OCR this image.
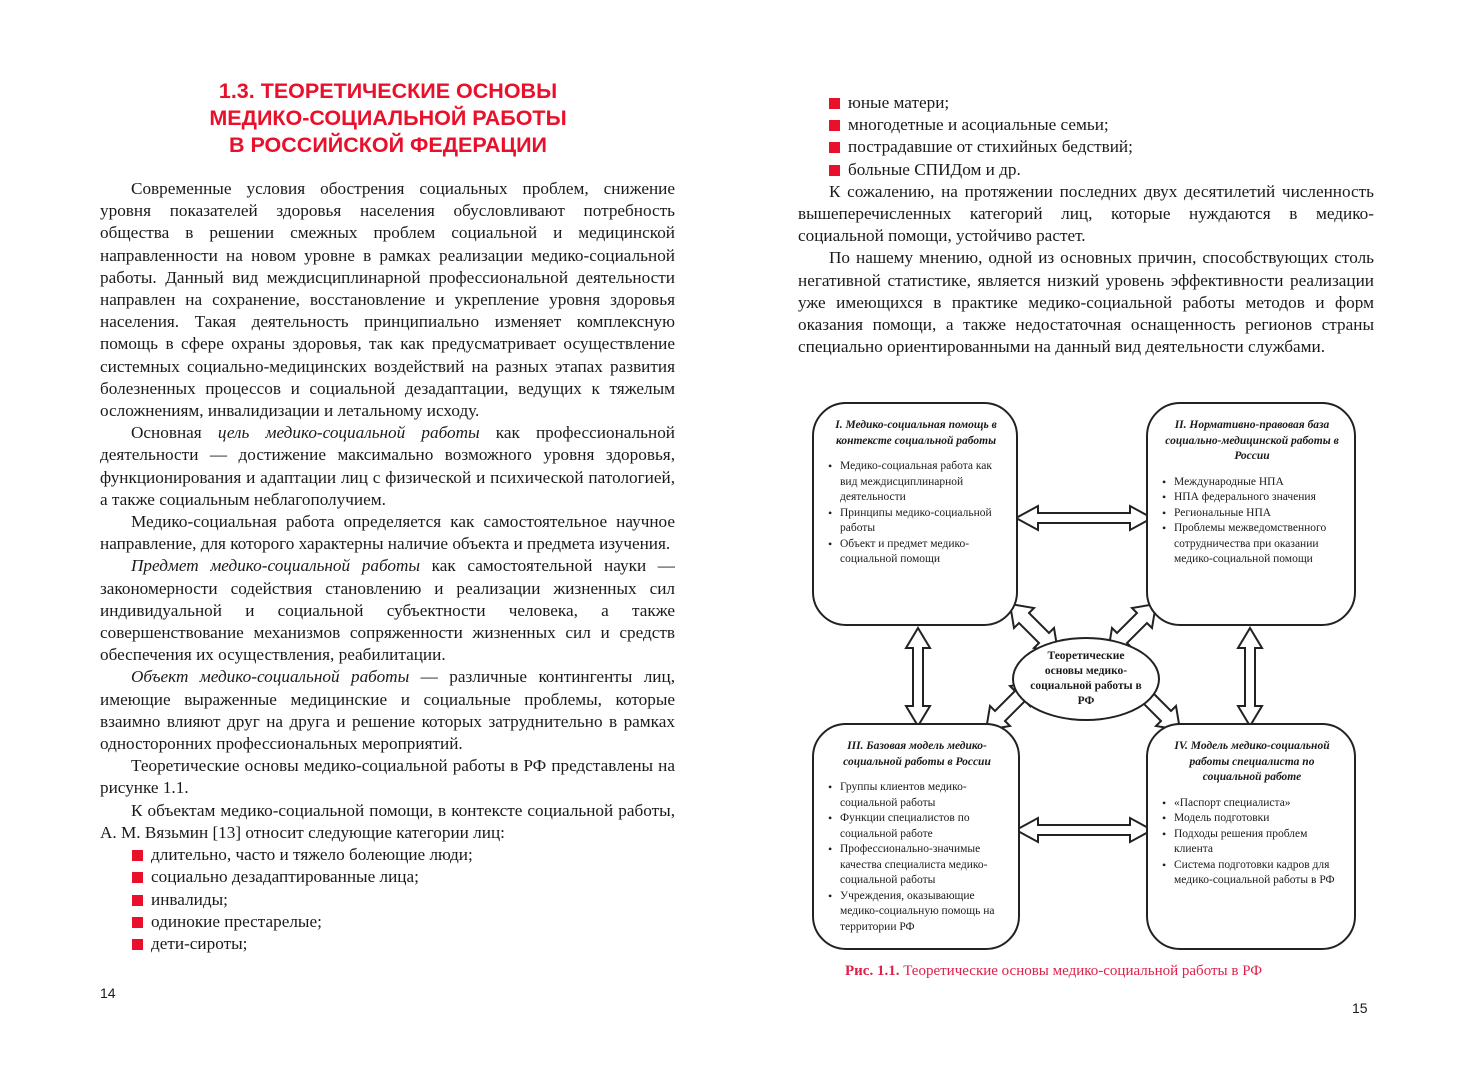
1.3. ТЕОРЕТИЧЕСКИЕ ОСНОВЫ
МЕДИКО-СОЦИАЛЬНОЙ РАБОТЫ
В РОССИЙСКОЙ ФЕДЕРАЦИИ

Современные условия обострения социальных проблем, снижение уровня показателей здоровья населения обусловливают потребность общества в решении смежных проблем социальной и медицинской направленности на новом уровне в рамках реализации медико-социальной работы. Данный вид междисциплинарной профессиональной деятельности направлен на сохранение, восстановление и укрепление уровня здоровья населения. Такая деятельность принципиально изменяет комплексную помощь в сфере охраны здоровья, так как предусматривает осуществление системных социально-медицинских воздействий на разных этапах развития болезненных процессов и социальной дезадаптации, ведущих к тяжелым осложнениям, инвалидизации и летальному исходу.

Основная цель медико-социальной работы как профессиональной деятельности — достижение максимально возможного уровня здоровья, функционирования и адаптации лиц с физической и психической патологией, а также социальным неблагополучием.

Медико-социальная работа определяется как самостоятельное научное направление, для которого характерны наличие объекта и предмета изучения.

Предмет медико-социальной работы как самостоятельной науки — закономерности содействия становлению и реализации жизненных сил индивидуальной и социальной субъектности человека, а также совершенствование механизмов сопряженности жизненных сил и средств обеспечения их осуществления, реабилитации.

Объект медико-социальной работы — различные контингенты лиц, имеющие выраженные медицинские и социальные проблемы, которые взаимно влияют друг на друга и решение которых затруднительно в рамках односторонних профессиональных мероприятий.

Теоретические основы медико-социальной работы в РФ представлены на рисунке 1.1.

К объектам медико-социальной помощи, в контексте социальной работы, А. М. Вязьмин [13] относит следующие категории лиц:

длительно, часто и тяжело болеющие люди;
социально дезадаптированные лица;
инвалиды;
одинокие престарелые;
дети-сироты;
14
юные матери;
многодетные и асоциальные семьи;
пострадавшие от стихийных бедствий;
больные СПИДом и др.

К сожалению, на протяжении последних двух десятилетий численность вышеперечисленных категорий лиц, которые нуждаются в медико-социальной помощи, устойчиво растет.

По нашему мнению, одной из основных причин, способствующих столь негативной статистике, является низкий уровень эффективности реализации уже имеющихся в практике медико-социальной работы методов и форм оказания помощи, а также недостаточная оснащенность регионов страны специально ориентированными на данный вид деятельности службами.

I. Медико-социальная помощь в контексте социальной работы
• Медико-социальная работа как вид междисциплинарной деятельности
• Принципы медико-социальной работы
• Объект и предмет медико-социальной помощи
II. Нормативно-правовая база социально-медицинской работы в России
• Международные НПА
• НПА федерального значения
• Региональные НПА
• Проблемы межведомственного сотрудничества при оказании медико-социальной помощи
III. Базовая модель медико-социальной работы в России
• Группы клиентов медико-социальной работы
• Функции специалистов по социальной работе
• Профессионально-значимые качества специалиста медико-социальной работы
• Учреждения, оказывающие медико-социальную помощь на территории РФ
IV. Модель медико-социальной работы специалиста по социальной работе
• «Паспорт специалиста»
• Модель подготовки
• Подходы решения проблем клиента
• Система подготовки кадров для медико-социальной работы в РФ
Теоретические основы медико-социальной работы в РФ
Рис. 1.1. Теоретические основы медико-социальной работы в РФ
15
